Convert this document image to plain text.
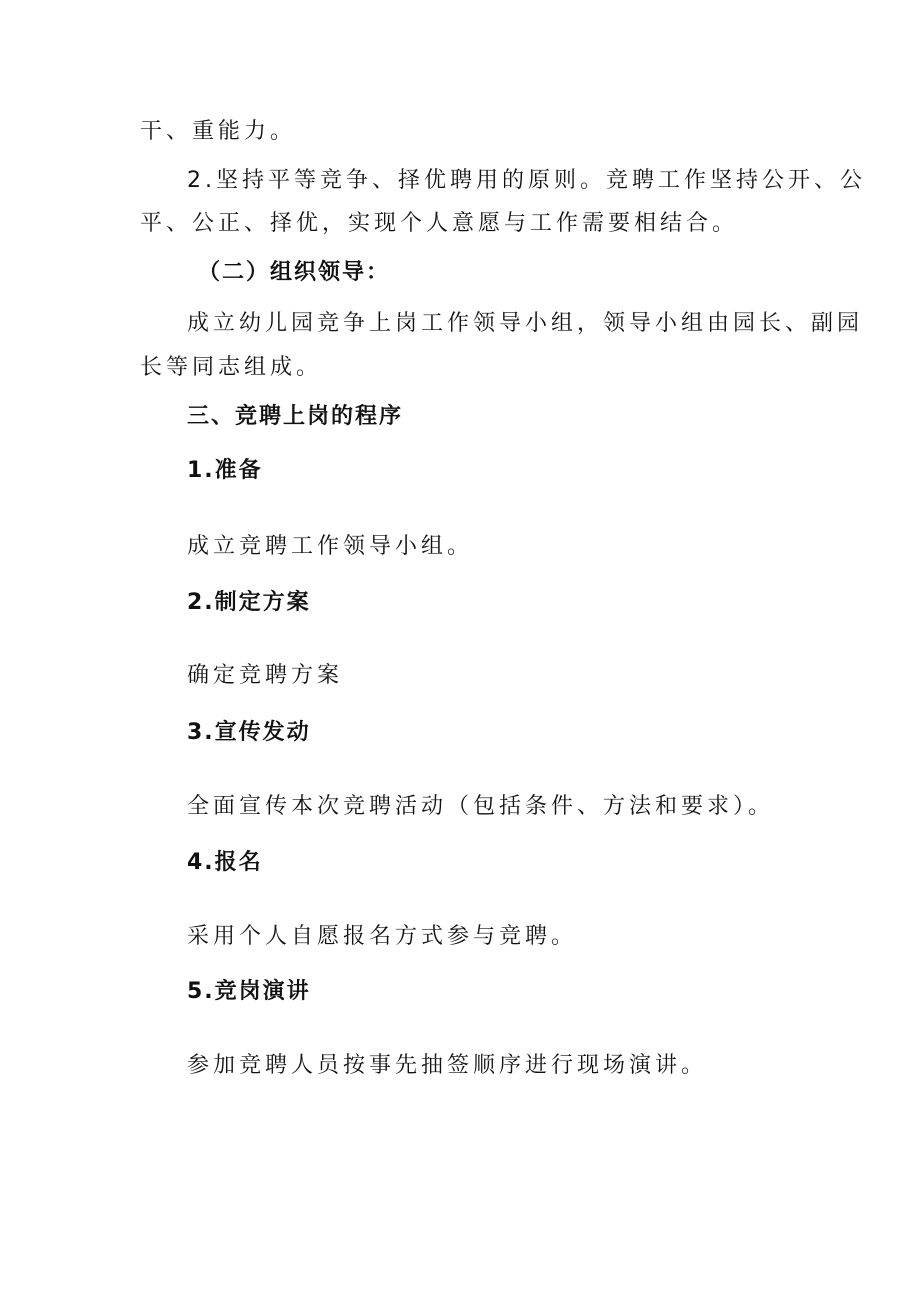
干、重能力。
2.坚持平等竞争、择优聘用的原则。竞聘工作坚持公开、公
平、公正、择优，实现个人意愿与工作需要相结合。
（二）组织领导：
成立幼儿园竞争上岗工作领导小组，领导小组由园长、副园
长等同志组成。
三、竞聘上岗的程序
1.准备
成立竞聘工作领导小组。
2.制定方案
确定竞聘方案
3.宣传发动
全面宣传本次竞聘活动（包括条件、方法和要求）。
4.报名
采用个人自愿报名方式参与竞聘。
5.竞岗演讲
参加竞聘人员按事先抽签顺序进行现场演讲。
